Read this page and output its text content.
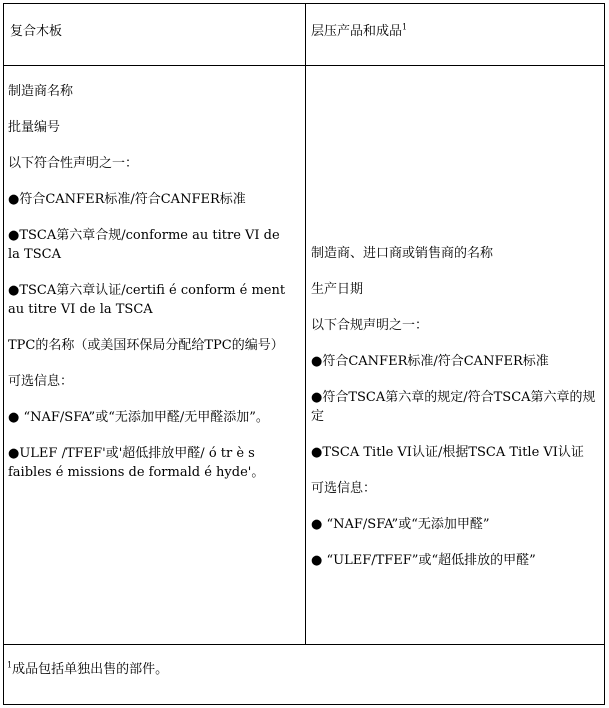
复合木板	层压产品和成品$^1$

制造商名称

批量编号

以下符合性声明之一：

●符合CANFER标准/符合CANFER标准

●TSCA第六章合规/conforme au titre VI de la TSCA

●TSCA第六章认证/certifi é conform é ment au titre VI de la TSCA

TPC的名称（或美国环保局分配给TPC的编号）

可选信息：

● “NAF/SFA”或“无添加甲醛/无甲醛添加”。

●ULEF /TFEF'或'超低排放甲醛/ ó tr è s faibles é missions de formald é hyde'。

制造商、进口商或销售商的名称

生产日期

以下合规声明之一：

●符合CANFER标准/符合CANFER标准

●符合TSCA第六章的规定/符合TSCA第六章的规定

●TSCA Title VI认证/根据TSCA Title VI认证

可选信息：

● “NAF/SFA”或“无添加甲醛”

● “ULEF/TFEF”或“超低排放的甲醛”

$^1$成品包括单独出售的部件。
